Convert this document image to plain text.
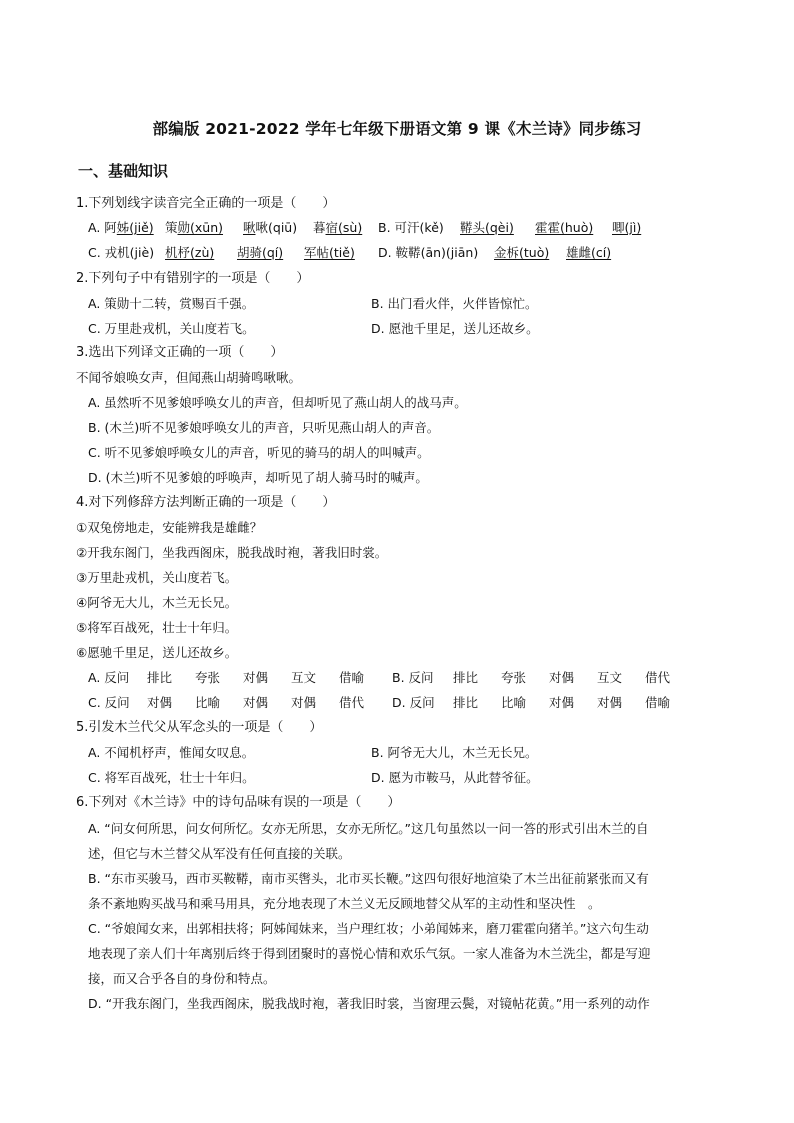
部编版 2021-2022 学年七年级下册语文第 9 课《木兰诗》同步练习
一、基础知识
1.下列划线字读音完全正确的一项是（　　）
A. 阿姊(jiě) 策勋(xūn) 啾啾(qiū) 暮宿(sù) B. 可汗(kě) 鞯头(qèi) 霍霍(huò) 唧(jì)
C. 戎机(jiè) 机杼(zù) 胡骑(qí) 军帖(tiě) D. 鞍鞯(ān)(jiān) 金柝(tuò) 雄雌(cí)
2.下列句子中有错别字的一项是（　　）
A. 策勋十二转，赏赐百千强。	B. 出门看火伴，火伴皆惊忙。
C. 万里赴戎机，关山度若飞。	D. 愿池千里足，送儿还故乡。
3.选出下列译文正确的一项（　　）
不闻爷娘唤女声，但闻燕山胡骑鸣啾啾。
A. 虽然听不见爹娘呼唤女儿的声音，但却听见了燕山胡人的战马声。
B. (木兰)听不见爹娘呼唤女儿的声音，只听见燕山胡人的声音。
C. 听不见爹娘呼唤女儿的声音，听见的骑马的胡人的叫喊声。
D. (木兰)听不见爹娘的呼唤声，却听见了胡人骑马时的喊声。
4.对下列修辞方法判断正确的一项是（　　）
①双兔傍地走，安能辨我是雄雌？
②开我东阁门，坐我西阁床，脱我战时袍，著我旧时裳。
③万里赴戎机，关山度若飞。
④阿爷无大儿，木兰无长兄。
⑤将军百战死，壮士十年归。
⑥愿驰千里足，送儿还故乡。
A. 反问 排比 夸张 对偶 互文 借喻 B. 反问 排比 夸张 对偶 互文 借代
C. 反问 对偶 比喻 对偶 对偶 借代 D. 反问 排比 比喻 对偶 对偶 借喻
5.引发木兰代父从军念头的一项是（　　）
A. 不闻机杼声，惟闻女叹息。	B. 阿爷无大儿，木兰无长兄。
C. 将军百战死，壮士十年归。	D. 愿为市鞍马，从此替爷征。
6.下列对《木兰诗》中的诗句品味有误的一项是（　　）
A. “问女何所思，问女何所忆。女亦无所思，女亦无所忆。”这几句虽然以一问一答的形式引出木兰的自
述，但它与木兰替父从军没有任何直接的关联。
B. “东市买骏马，西市买鞍鞯，南市买辔头，北市买长鞭。”这四句很好地渲染了木兰出征前紧张而又有
条不紊地购买战马和乘马用具，充分地表现了木兰义无反顾地替父从军的主动性和坚决性　。
C. “爷娘闻女来，出郭相扶将；阿姊闻妹来，当户理红妆；小弟闻姊来，磨刀霍霍向猪羊。”这六句生动
地表现了亲人们十年离别后终于得到团聚时的喜悦心情和欢乐气氛。一家人准备为木兰洗尘，都是写迎
接，而又合乎各自的身份和特点。
D. “开我东阁门，坐我西阁床，脱我战时袍，著我旧时裳，当窗理云鬓，对镜帖花黄。”用一系列的动作
